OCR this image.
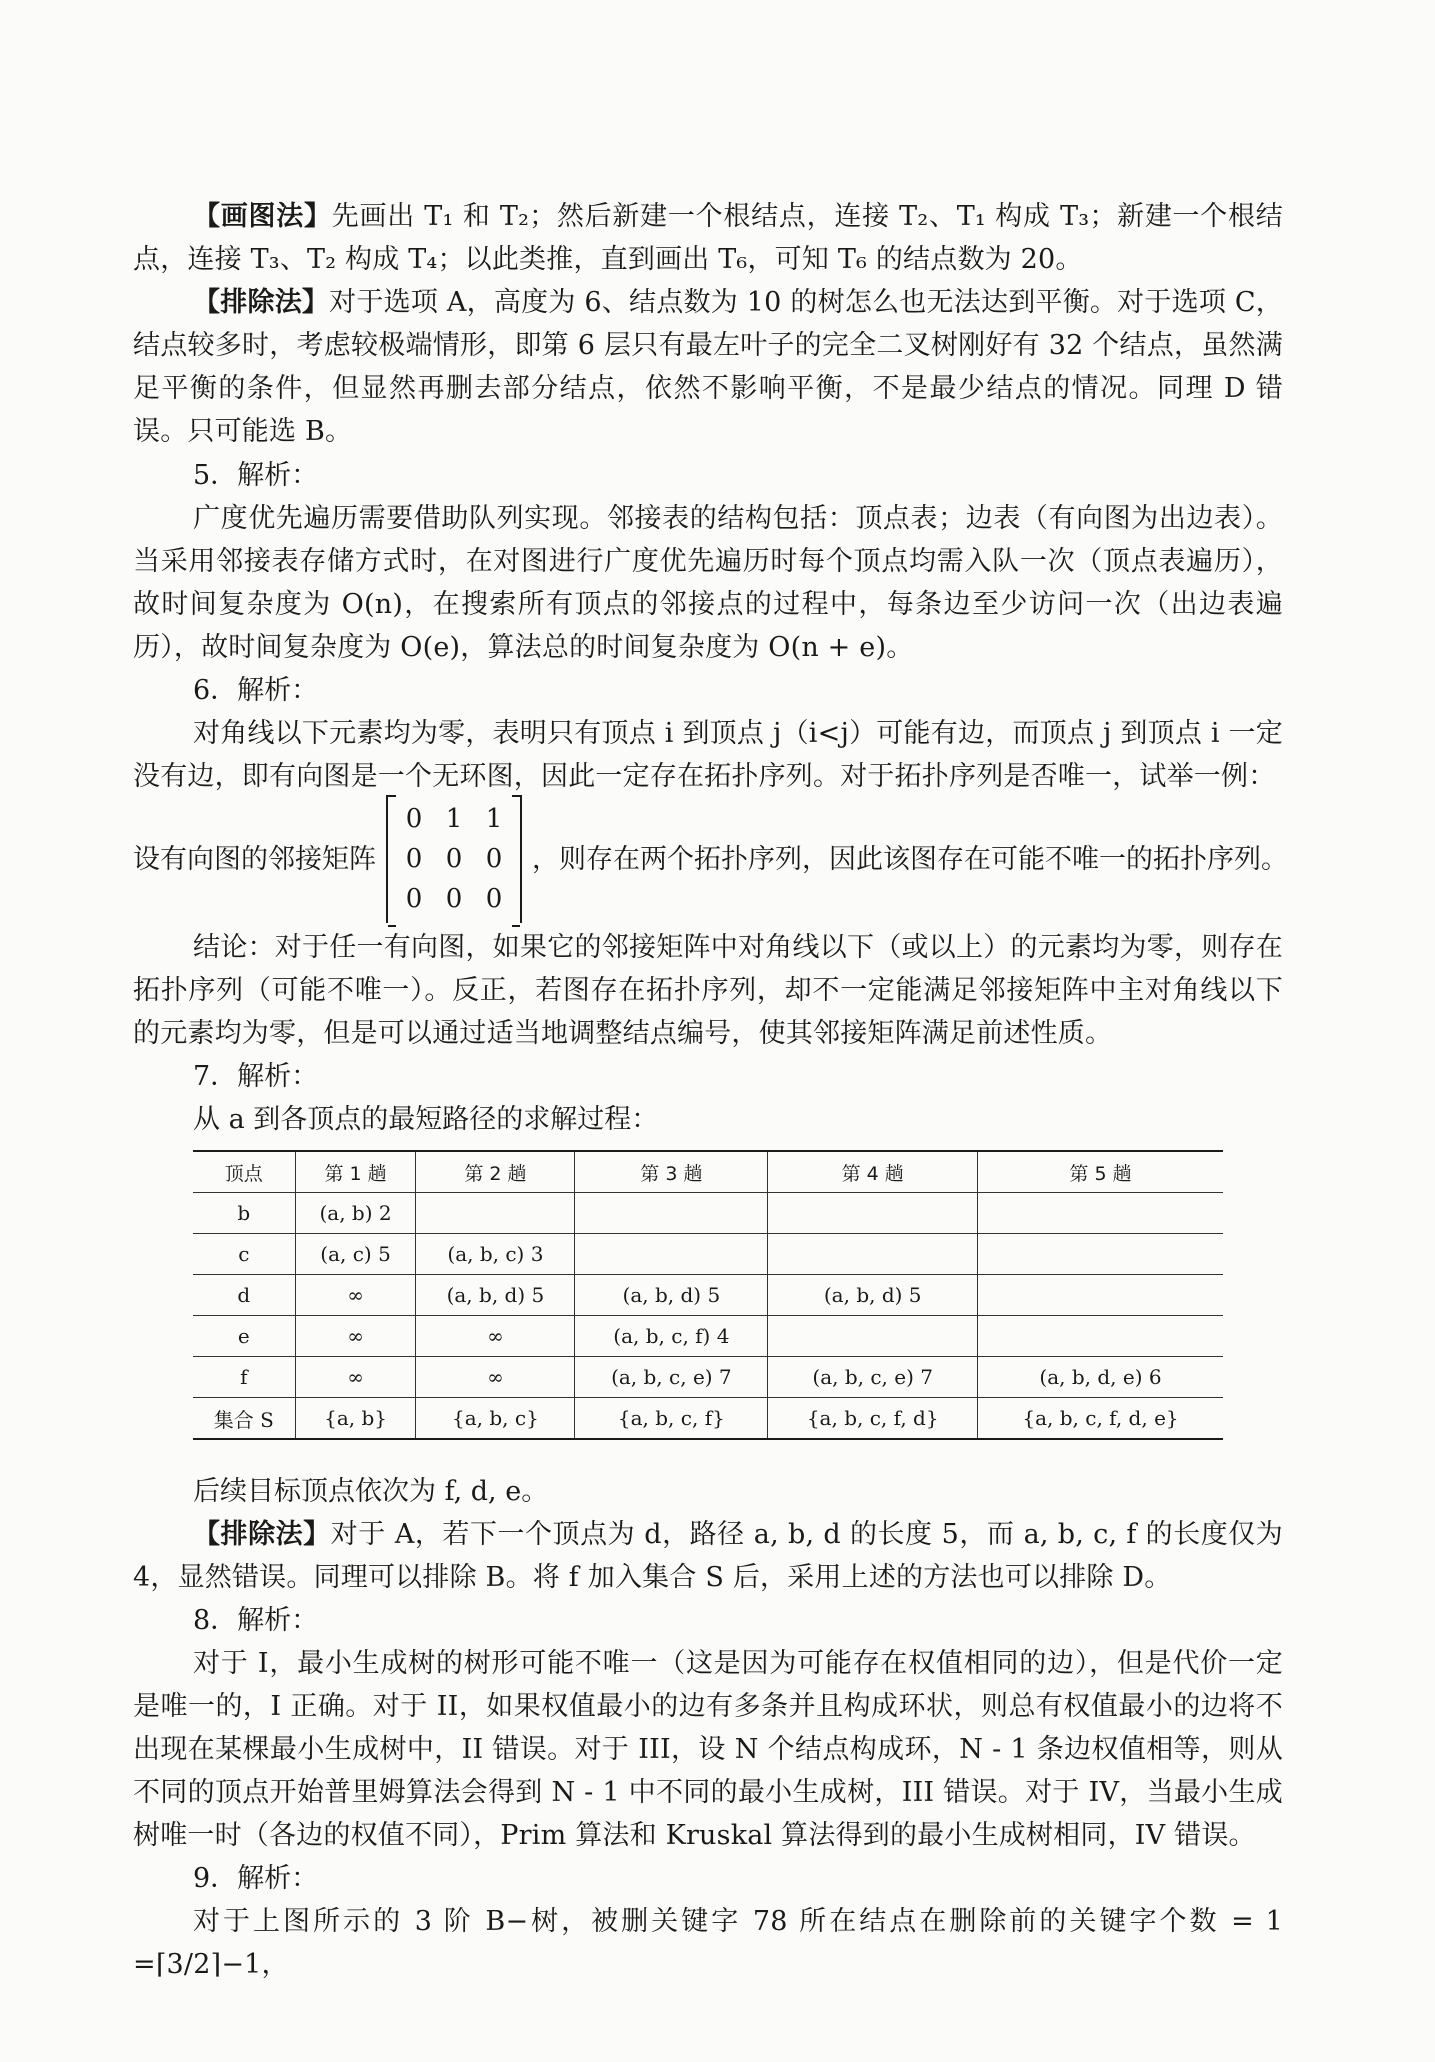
【画图法】先画出 T₁ 和 T₂；然后新建一个根结点，连接 T₂、T₁ 构成 T₃；新建一个根结点，连接 T₃、T₂ 构成 T₄；以此类推，直到画出 T₆，可知 T₆ 的结点数为 20。

【排除法】对于选项 A，高度为 6、结点数为 10 的树怎么也无法达到平衡。对于选项 C，结点较多时，考虑较极端情形，即第 6 层只有最左叶子的完全二叉树刚好有 32 个结点，虽然满足平衡的条件，但显然再删去部分结点，依然不影响平衡，不是最少结点的情况。同理 D 错误。只可能选 B。

5．解析：

广度优先遍历需要借助队列实现。邻接表的结构包括：顶点表；边表（有向图为出边表）。当采用邻接表存储方式时，在对图进行广度优先遍历时每个顶点均需入队一次（顶点表遍历），故时间复杂度为 O(n)，在搜索所有顶点的邻接点的过程中，每条边至少访问一次（出边表遍历），故时间复杂度为 O(e)，算法总的时间复杂度为 O(n + e)。

6．解析：

对角线以下元素均为零，表明只有顶点 i 到顶点 j（i<j）可能有边，而顶点 j 到顶点 i 一定没有边，即有向图是一个无环图，因此一定存在拓扑序列。对于拓扑序列是否唯一，试举一例：

设有向图的邻接矩阵
0 1 1
0 0 0
0 0 0
，则存在两个拓扑序列，因此该图存在可能不唯一的拓扑序列。

结论：对于任一有向图，如果它的邻接矩阵中对角线以下（或以上）的元素均为零，则存在拓扑序列（可能不唯一）。反正，若图存在拓扑序列，却不一定能满足邻接矩阵中主对角线以下的元素均为零，但是可以通过适当地调整结点编号，使其邻接矩阵满足前述性质。

7．解析：

从 a 到各顶点的最短路径的求解过程：

顶点	第 1 趟	第 2 趟	第 3 趟	第 4 趟	第 5 趟
b	(a, b) 2				
c	(a, c) 5	(a, b, c) 3			
d	∞	(a, b, d) 5	(a, b, d) 5	(a, b, d) 5	
e	∞	∞	(a, b, c, f) 4		
f	∞	∞	(a, b, c, e) 7	(a, b, c, e) 7	(a, b, d, e) 6
集合 S	{a, b}	{a, b, c}	{a, b, c, f}	{a, b, c, f, d}	{a, b, c, f, d, e}

后续目标顶点依次为 f, d, e。

【排除法】对于 A，若下一个顶点为 d，路径 a, b, d 的长度 5，而 a, b, c, f 的长度仅为 4，显然错误。同理可以排除 B。将 f 加入集合 S 后，采用上述的方法也可以排除 D。

8．解析：

对于 I，最小生成树的树形可能不唯一（这是因为可能存在权值相同的边），但是代价一定是唯一的，I 正确。对于 II，如果权值最小的边有多条并且构成环状，则总有权值最小的边将不出现在某棵最小生成树中，II 错误。对于 III，设 N 个结点构成环，N - 1 条边权值相等，则从不同的顶点开始普里姆算法会得到 N - 1 中不同的最小生成树，III 错误。对于 IV，当最小生成树唯一时（各边的权值不同），Prim 算法和 Kruskal 算法得到的最小生成树相同，IV 错误。

9．解析：

对于上图所示的 3 阶 B−树，被删关键字 78 所在结点在删除前的关键字个数 = 1 =⌈3/2⌉−1，
